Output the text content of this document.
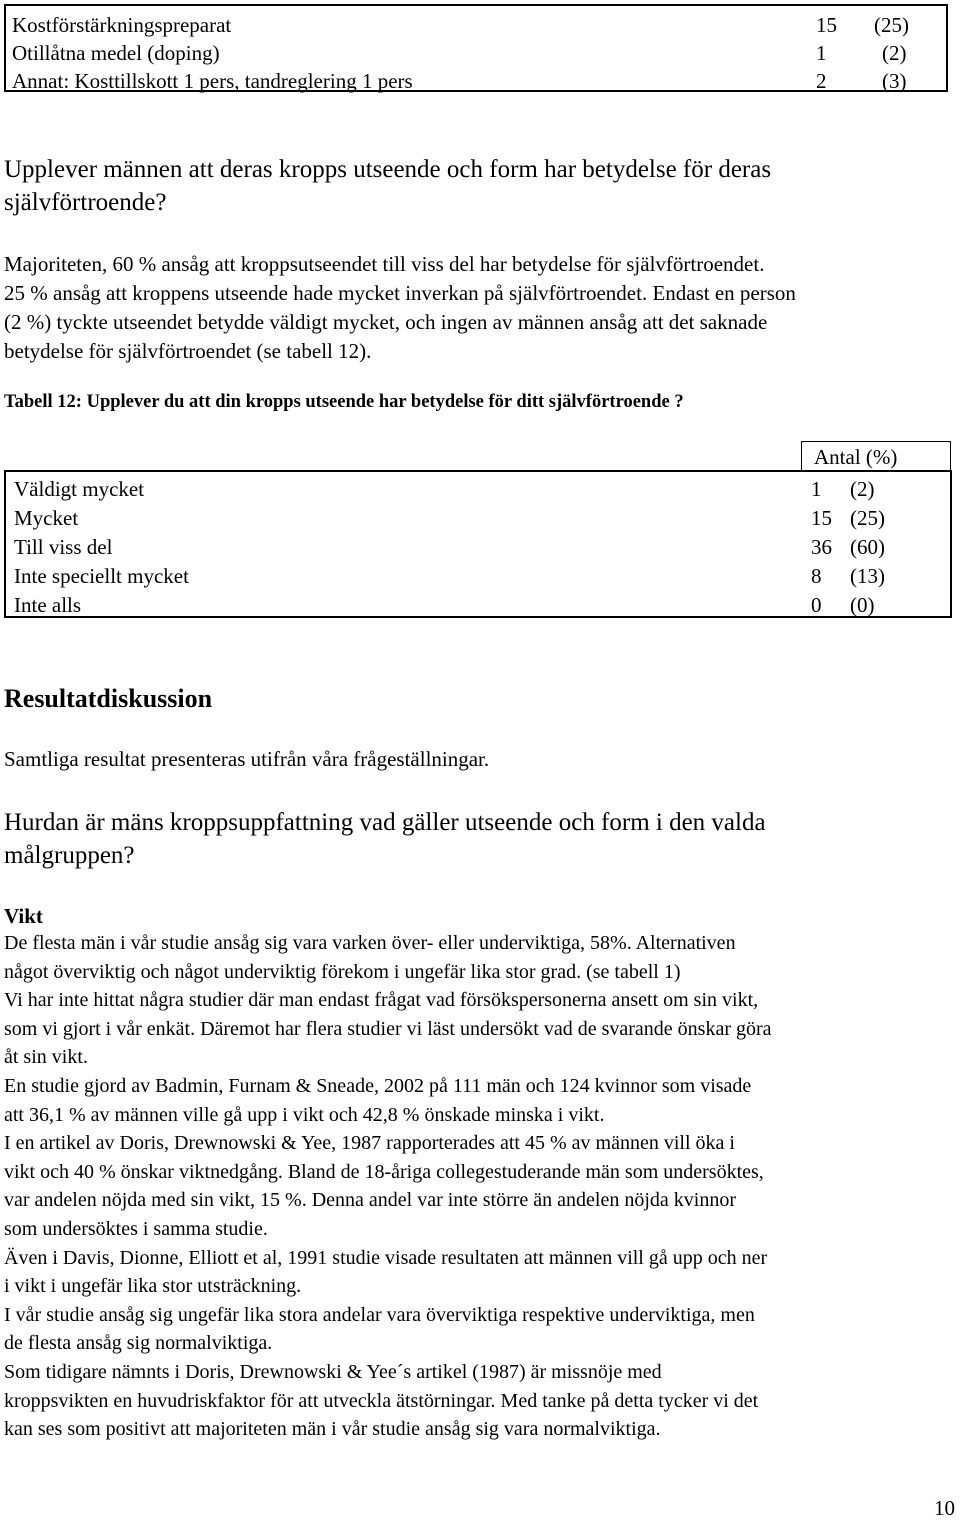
Kostförstärkningspreparat	15 (25)
Otillåtna medel (doping)	1	(2)
Annat: Kosttillskott 1 pers, tandreglering 1 pers	2	(3)
Upplever männen att deras kropps utseende och form har betydelse för deras
självförtroende?
Majoriteten, 60 % ansåg att kroppsutseendet till viss del har betydelse för självförtroendet.
25 % ansåg att kroppens utseende hade mycket inverkan på självförtroendet. Endast en person
(2 %) tyckte utseendet betydde väldigt mycket, och ingen av männen ansåg att det saknade
betydelse för självförtroendet (se tabell 12).
Tabell 12: Upplever du att din kropps utseende har betydelse för ditt självförtroende ?
Antal (%)
Väldigt mycket	1 (2)
Mycket	15 (25)
Till viss del	36 (60)
Inte speciellt mycket	8 (13)
Inte alls	0 (0)
Resultatdiskussion
Samtliga resultat presenteras utifrån våra frågeställningar.
Hurdan är mäns kroppsuppfattning vad gäller utseende och form i den valda
målgruppen?
Vikt
De flesta män i vår studie ansåg sig vara varken över- eller underviktiga, 58%. Alternativen
något överviktig och något underviktig förekom i ungefär lika stor grad. (se tabell 1)
Vi har inte hittat några studier där man endast frågat vad försökspersonerna ansett om sin vikt,
som vi gjort i vår enkät. Däremot har flera studier vi läst undersökt vad de svarande önskar göra
åt sin vikt.
En studie gjord av Badmin, Furnam & Sneade, 2002 på 111 män och 124 kvinnor som visade
att 36,1 % av männen ville gå upp i vikt och 42,8 % önskade minska i vikt.
I en artikel av Doris, Drewnowski & Yee, 1987 rapporterades att 45 % av männen vill öka i
vikt och 40 % önskar viktnedgång. Bland de 18-åriga collegestuderande män som undersöktes,
var andelen nöjda med sin vikt, 15 %. Denna andel var inte större än andelen nöjda kvinnor
som undersöktes i samma studie.
Även i Davis, Dionne, Elliott et al, 1991 studie visade resultaten att männen vill gå upp och ner
i vikt i ungefär lika stor utsträckning.
I vår studie ansåg sig ungefär lika stora andelar vara överviktiga respektive underviktiga, men
de flesta ansåg sig normalviktiga.
Som tidigare nämnts i Doris, Drewnowski & Yee´s artikel (1987) är missnöje med
kroppsvikten en huvudriskfaktor för att utveckla ätstörningar. Med tanke på detta tycker vi det
kan ses som positivt att majoriteten män i vår studie ansåg sig vara normalviktiga.
10
